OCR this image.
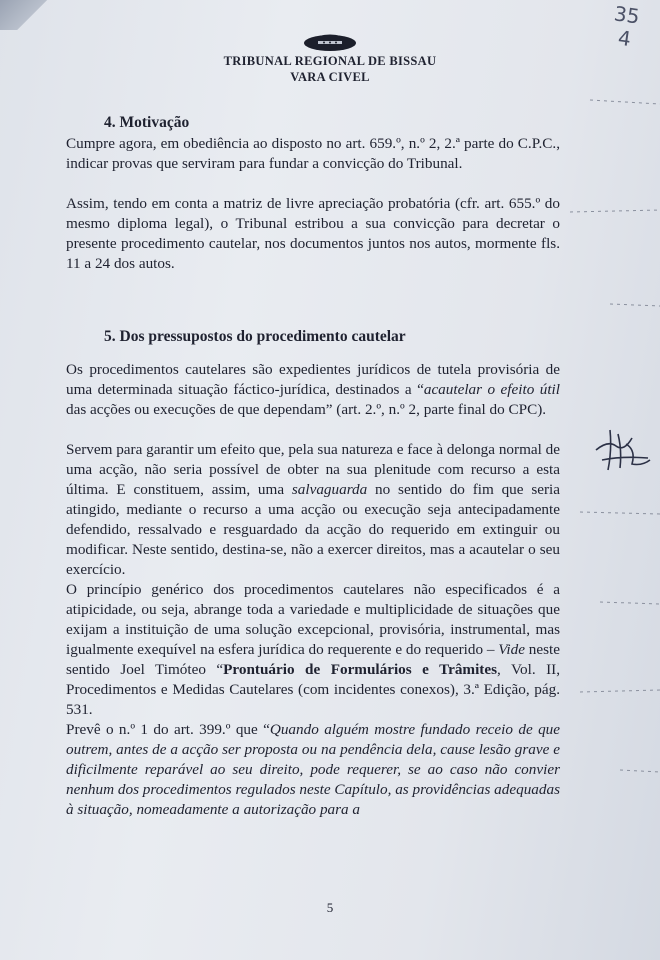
35
4
TRIBUNAL REGIONAL DE BISSAU
VARA CIVEL
4. Motivação

Cumpre agora, em obediência ao disposto no art. 659.º, n.º 2, 2.ª parte do C.P.C., indicar provas que serviram para fundar a convicção do Tribunal.

Assim, tendo em conta a matriz de livre apreciação probatória (cfr. art. 655.º do mesmo diploma legal), o Tribunal estribou a sua convicção para decretar o presente procedimento cautelar, nos documentos juntos nos autos, mormente fls. 11 a 24 dos autos.

5. Dos pressupostos do procedimento cautelar

Os procedimentos cautelares são expedientes jurídicos de tutela provisória de uma determinada situação fáctico-jurídica, destinados a “acautelar o efeito útil das acções ou execuções de que dependam” (art. 2.º, n.º 2, parte final do CPC).

Servem para garantir um efeito que, pela sua natureza e face à delonga normal de uma acção, não seria possível de obter na sua plenitude com recurso a esta última. E constituem, assim, uma salvaguarda no sentido do fim que seria atingido, mediante o recurso a uma acção ou execução seja antecipadamente defendido, ressalvado e resguardado da acção do requerido em extinguir ou modificar. Neste sentido, destina-se, não a exercer direitos, mas a acautelar o seu exercício.

O princípio genérico dos procedimentos cautelares não especificados é a atipicidade, ou seja, abrange toda a variedade e multiplicidade de situações que exijam a instituição de uma solução excepcional, provisória, instrumental, mas igualmente exequível na esfera jurídica do requerente e do requerido – Vide neste sentido Joel Timóteo “Prontuário de Formulários e Trâmites, Vol. II, Procedimentos e Medidas Cautelares (com incidentes conexos), 3.ª Edição, pág. 531.

Prevê o n.º 1 do art. 399.º que “Quando alguém mostre fundado receio de que outrem, antes de a acção ser proposta ou na pendência dela, cause lesão grave e dificilmente reparável ao seu direito, pode requerer, se ao caso não convier nenhum dos procedimentos regulados neste Capítulo, as providências adequadas à situação, nomeadamente a autorização para a

5
